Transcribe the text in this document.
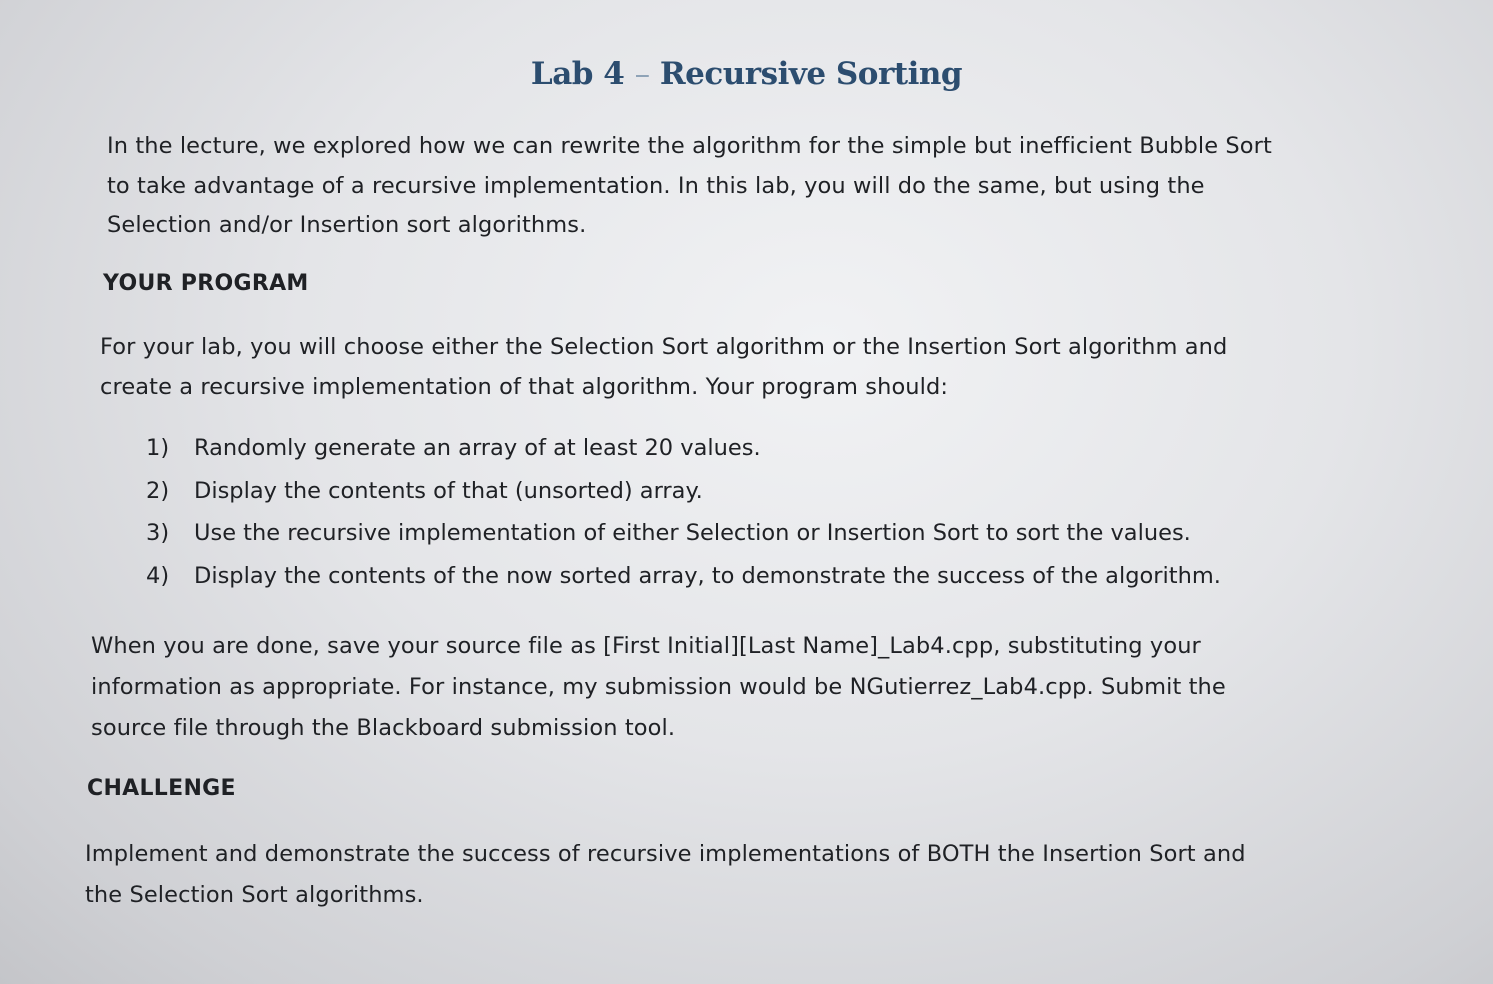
Lab 4 – Recursive Sorting
In the lecture, we explored how we can rewrite the algorithm for the simple but inefficient Bubble Sort
to take advantage of a recursive implementation. In this lab, you will do the same, but using the
Selection and/or Insertion sort algorithms.
YOUR PROGRAM
For your lab, you will choose either the Selection Sort algorithm or the Insertion Sort algorithm and
create a recursive implementation of that algorithm. Your program should:
1) Randomly generate an array of at least 20 values.
2) Display the contents of that (unsorted) array.
3) Use the recursive implementation of either Selection or Insertion Sort to sort the values.
4) Display the contents of the now sorted array, to demonstrate the success of the algorithm.
When you are done, save your source file as [First Initial][Last Name]_Lab4.cpp, substituting your
information as appropriate. For instance, my submission would be NGutierrez_Lab4.cpp. Submit the
source file through the Blackboard submission tool.
CHALLENGE
Implement and demonstrate the success of recursive implementations of BOTH the Insertion Sort and
the Selection Sort algorithms.
